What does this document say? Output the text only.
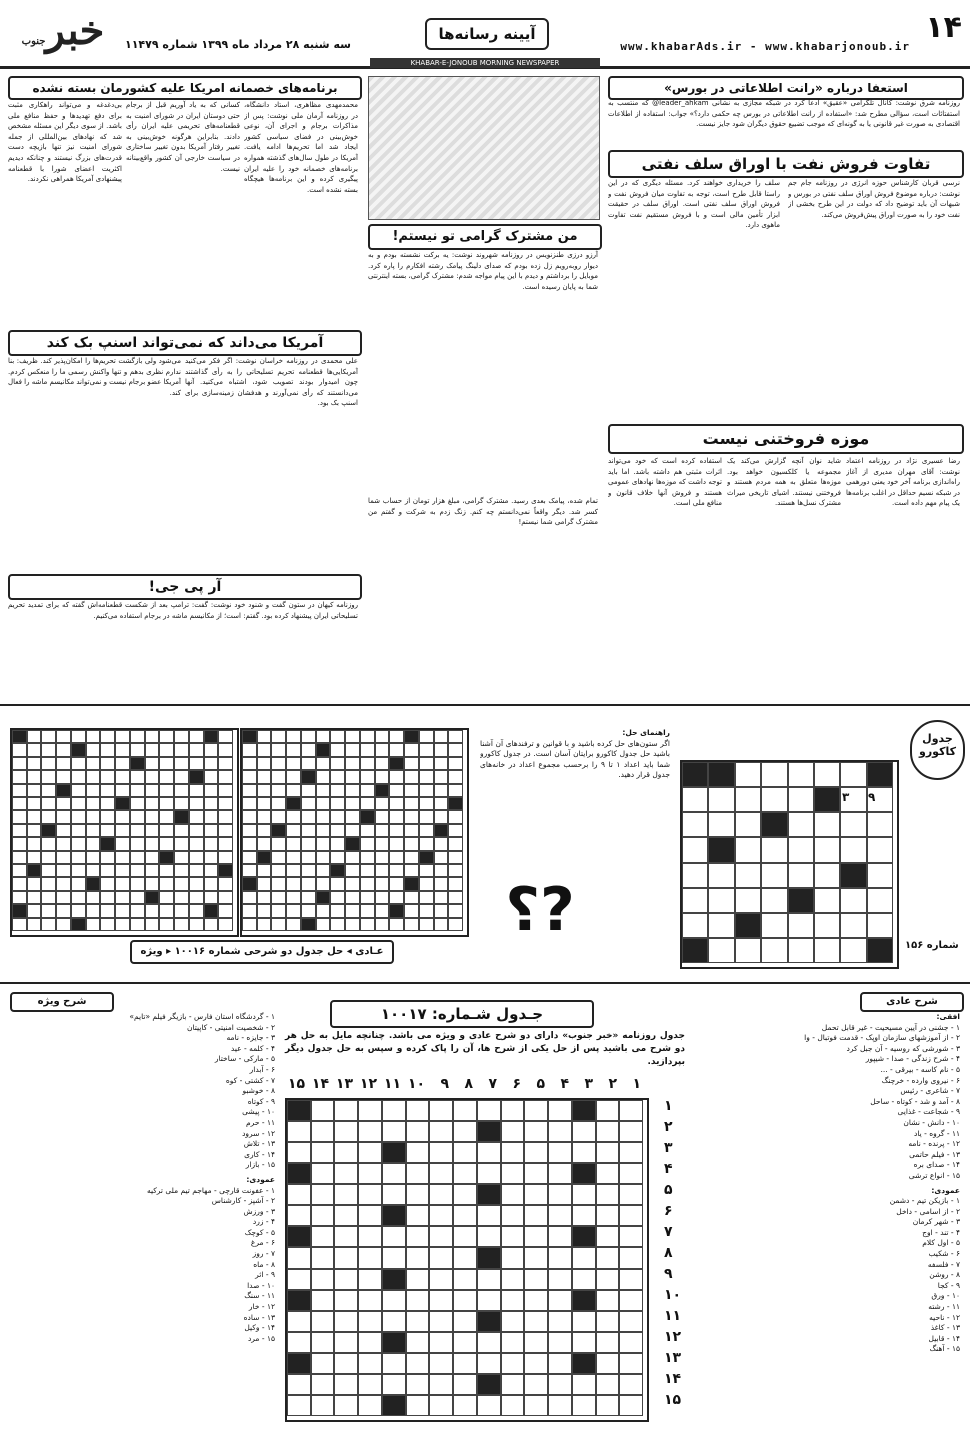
۱۴
www.khabarAds.ir - www.khabarjonoub.ir
آیینه رسانه‌ها
خبرجنوب	سه شنبه ۲۸ مرداد ماه ۱۳۹۹ شماره ۱۱۴۷۹
KHABAR-E-JONOUB MORNING NEWSPAPER
استعفا درباره «رانت اطلاعاتی در بورس»
روزنامه شرق نوشت: کانال تلگرامی «عقیق» ادعا کرد در شبکه مجازی به نشانی leader_ahkam@ که منتسب به استفتائات است، سؤالی مطرح شد: «استفاده از رانت اطلاعاتی در بورس چه حکمی دارد؟» جواب: استفاده از اطلاعات اقتصادی به صورت غیر قانونی یا به گونه‌ای که موجب تضییع حقوق دیگران شود جایز نیست.
تفاوت فروش نفت با اوراق سلف نفتی
نرسی قربان کارشناس حوزه انرژی در روزنامه جام جم نوشت: درباره موضوع فروش اوراق سلف نفتی در بورس و شبهات آن باید توضیح داد که دولت در این طرح بخشی از نفت خود را به صورت اوراق پیش‌فروش می‌کند.
سلف را خریداری خواهند کرد. مسئله دیگری که در این راستا قابل طرح است، توجه به تفاوت میان فروش نفت و فروش اوراق سلف نفتی است. اوراق سلف در حقیقت ابزار تأمین مالی است و با فروش مستقیم نفت تفاوت ماهوی دارد.
موزه فروختنی نیست
رضا عسیری نژاد در روزنامه اعتماد نوشت: آقای مهران مدیری از آغاز راه‌اندازی برنامه آخر خود یعنی دورهمی در شبکه نسیم حداقل در اغلب برنامه‌ها یک پیام مهم داده است.
شاید نوان آنچه گزارش می‌کند یک مجموعه یا کلکسیون خواهد بود. موزه‌ها متعلق به همه مردم هستند و فروختنی نیستند. اشیای تاریخی میراث مشترک نسل‌ها هستند.
استفاده کرده است که خود می‌تواند اثرات مثبتی هم داشته باشد. اما باید توجه داشت که موزه‌ها نهادهای عمومی هستند و فروش آنها خلاف قانون و منافع ملی است.
من مشترک گرامی تو نیستم!
آرزو درزی طنزنویس در روزنامه شهروند نوشت: یه برکت نشسته بودم و به دیوار روبه‌رویم زل زده بودم که صدای دلینگ پیامک رشته افکارم را پاره کرد. موبایل را برداشتم و دیدم با این پیام مواجه شدم: مشترک گرامی، بسته اینترنتی شما به پایان رسیده است.
تمام شده، پیامک بعدی رسید. مشترک گرامی، مبلغ هزار تومان از حساب شما کسر شد. دیگر واقعاً نمی‌دانستم چه کنم. زنگ زدم به شرکت و گفتم من مشترک گرامی شما نیستم!
برنامه‌های خصمانه امریکا علیه کشورمان بسته نشده
محمدمهدی مظاهری، استاد دانشگاه، در روزنامه آرمان ملی نوشت: پس از مذاکرات برجام و اجرای آن، نوعی خوش‌بینی در فضای سیاسی کشور ایجاد شد اما تحریم‌ها ادامه یافت. آمریکا در طول سال‌های گذشته همواره برنامه‌های خصمانه خود را علیه ایران پیگیری کرده و این برنامه‌ها هیچگاه بسته نشده است.
کسانی که به یاد آوریم قبل از برجام حتی دوستان ایران در شورای امنیت به قطعنامه‌های تحریمی علیه ایران رأی دادند. بنابراین هرگونه خوش‌بینی به تغییر رفتار آمریکا بدون تغییر ساختاری در سیاست خارجی آن کشور واقع‌بینانه نیست.
بی‌دغدغه و می‌تواند راهکاری مثبت برای دفع تهدیدها و حفظ منافع ملی باشد. از سوی دیگر این مسئله مشخص شد که نهادهای بین‌المللی از جمله شورای امنیت نیز تنها بازیچه دست قدرت‌های بزرگ نیستند و چنانکه دیدیم اکثریت اعضای شورا با قطعنامه پیشنهادی آمریکا همراهی نکردند.
آمریکا می‌داند که نمی‌تواند اسنپ بک کند
علی محمدی در روزنامه خراسان نوشت: اگر فکر می‌کنید آمریکایی‌ها قطعنامه تحریم تسلیحاتی را به رأی گذاشتند چون امیدوار بودند تصویب شود، اشتباه می‌کنید. آنها می‌دانستند که رأی نمی‌آورند و هدفشان زمینه‌سازی برای اسنپ بک بود.
می‌شود ولی بازگشت تحریم‌ها را امکان‌پذیر کند. ظریف: بنا ندارم نظری بدهم و تنها واکنش رسمی ما را منعکس کردم. آمریکا عضو برجام نیست و نمی‌تواند مکانیسم ماشه را فعال کند.
آر پی جی!
روزنامه کیهان در ستون گفت و شنود خود نوشت: گفت: ترامپ بعد از شکست قطعنامه‌اش گفته که برای تمدید تحریم تسلیحاتی ایران پیشنهاد کرده بود. گفتم: است؛ از مکانیسم ماشه در برجام استفاده می‌کنیم.
جدول کاکورو
شماره ۱۵۶
۳ ۹
راهنمای حل:
اگر ستون‌های حل کرده باشید و با قوانین و ترفندهای آن آشنا باشید حل جدول کاکورو برایتان آسان است. در جدول کاکورو شما باید اعداد ۱ تا ۹ را برحسب مجموع اعداد در خانه‌های جدول قرار دهید.
?؟
عـادی ◂ حل جدول دو شرحی شماره ۱۰۰۱۶ ▸ ویژه
جـدول شـماره: ۱۰۰۱۷
جدول روزنامه «خبر جنوب» دارای دو شرح عادی و ویژه می باشد. چنانچه مایل به حل هر دو شرح می باشید پس از حل یکی از شرح ها، آن را پاک کرده و سپس به حل جدول دیگر بپردازید.
۱
۲
۳
۴
۵
۶
۷
۸
۹
۱۰
۱۱
۱۲
۱۳
۱۴
۱۵
۱
۲
۳
۴
۵
۶
۷
۸
۹
۱۰
۱۱
۱۲
۱۳
۱۴
۱۵
شرح عادی
افقی:
۱ - جشنی در آیین مسیحیت - غیر قابل تحمل
۲ - از آموزشهای سازمان اوپک - قدمت فوتبال - وا
۳ - شورشی که روسیه - آن جبل کرد
۴ - شرح زندگی - صدا - شیپور
۵ - نام کاسه - بیرقی - ...
۶ - نیروی وارده - خرچنگ
۷ - شاعری - رئیس
۸ - آمد و شد - کوتاه - ساحل
۹ - شجاعت - غذایی
۱۰ - دانش - نشان
۱۱ - گروه - یاد
۱۲ - پرنده - نامه
۱۳ - فیلم حاتمی
۱۴ - صدای بره
۱۵ - انواع ترشی
عمودی:
۱ - بازیکن تیم - دشمن
۲ - از اسامی - داخل
۳ - شهر کرمان
۴ - تند - اوج
۵ - اول کلام
۶ - شکیب
۷ - فلسفه
۸ - روشن
۹ - کجا
۱۰ - ورق
۱۱ - رشته
۱۲ - ناحیه
۱۳ - کاغذ
۱۴ - قابیل
۱۵ - آهنگ
شرح ویژه
۱ - گردشگاه استان فارس - بازیگر فیلم «تایم»
۲ - شخصیت امنیتی - کاپیتان
۳ - جایزه - نامه
۴ - کلمه - عید
۵ - مارکی - ساختار
۶ - آبدار
۷ - کشتی - کوه
۸ - خوشبو
۹ - کوتاه
۱۰ - پیشی
۱۱ - حرم
۱۲ - سرود
۱۳ - تلاش
۱۴ - کاری
۱۵ - بازار
عمودی:
۱ - عفونت قارچی - مهاجم تیم ملی ترکیه
۲ - آشپز - کارشناس
۳ - ورزش
۴ - زرد
۵ - کوچک
۶ - مرغ
۷ - روز
۸ - ماه
۹ - اثر
۱۰ - صدا
۱۱ - سنگ
۱۲ - خار
۱۳ - ساده
۱۴ - وکیل
۱۵ - مرد
